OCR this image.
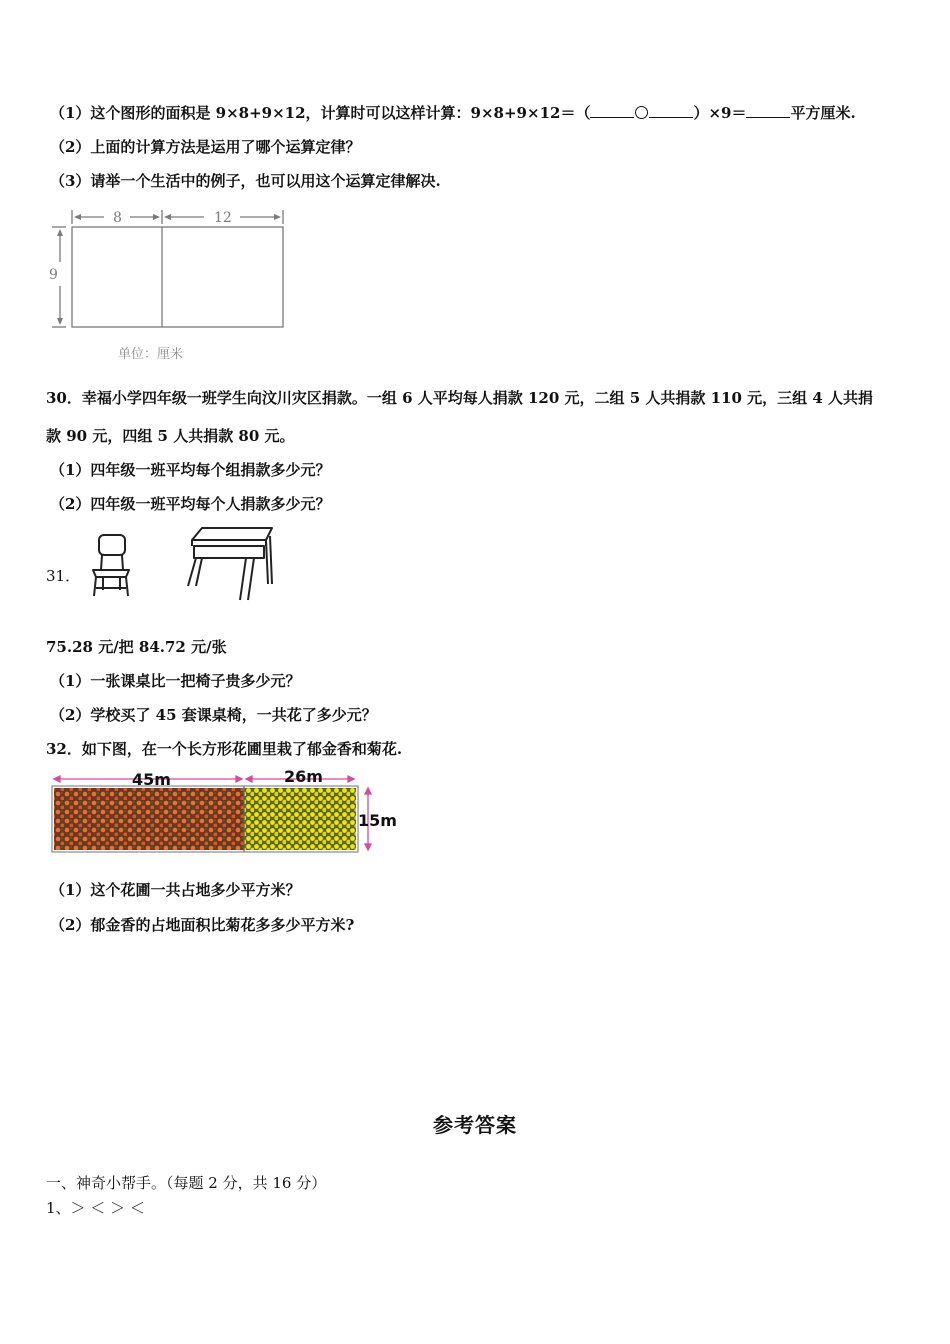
（1）这个图形的面积是 9×8+9×12，计算时可以这样计算：9×8+9×12＝（	）×9＝	平方厘米.
（2）上面的计算方法是运用了哪个运算定律？
（3）请举一个生活中的例子，也可以用这个运算定律解决.
8	12
9
单位：厘米
30．幸福小学四年级一班学生向汶川灾区捐款。一组 6 人平均每人捐款 120 元，二组 5 人共捐款 110 元，三组 4 人共捐
款 90 元，四组 5 人共捐款 80 元。
（1）四年级一班平均每个组捐款多少元？
（2）四年级一班平均每个人捐款多少元？
31．
75.28 元/把 84.72 元/张
（1）一张课桌比一把椅子贵多少元？
（2）学校买了 45 套课桌椅，一共花了多少元？
32．如下图，在一个长方形花圃里栽了郁金香和菊花.
45m	26m
15m
（1）这个花圃一共占地多少平方米？
（2）郁金香的占地面积比菊花多多少平方米?
参考答案
一、神奇小帮手。（每题 2 分，共 16 分）
1、＞ ＜ ＞ ＜
